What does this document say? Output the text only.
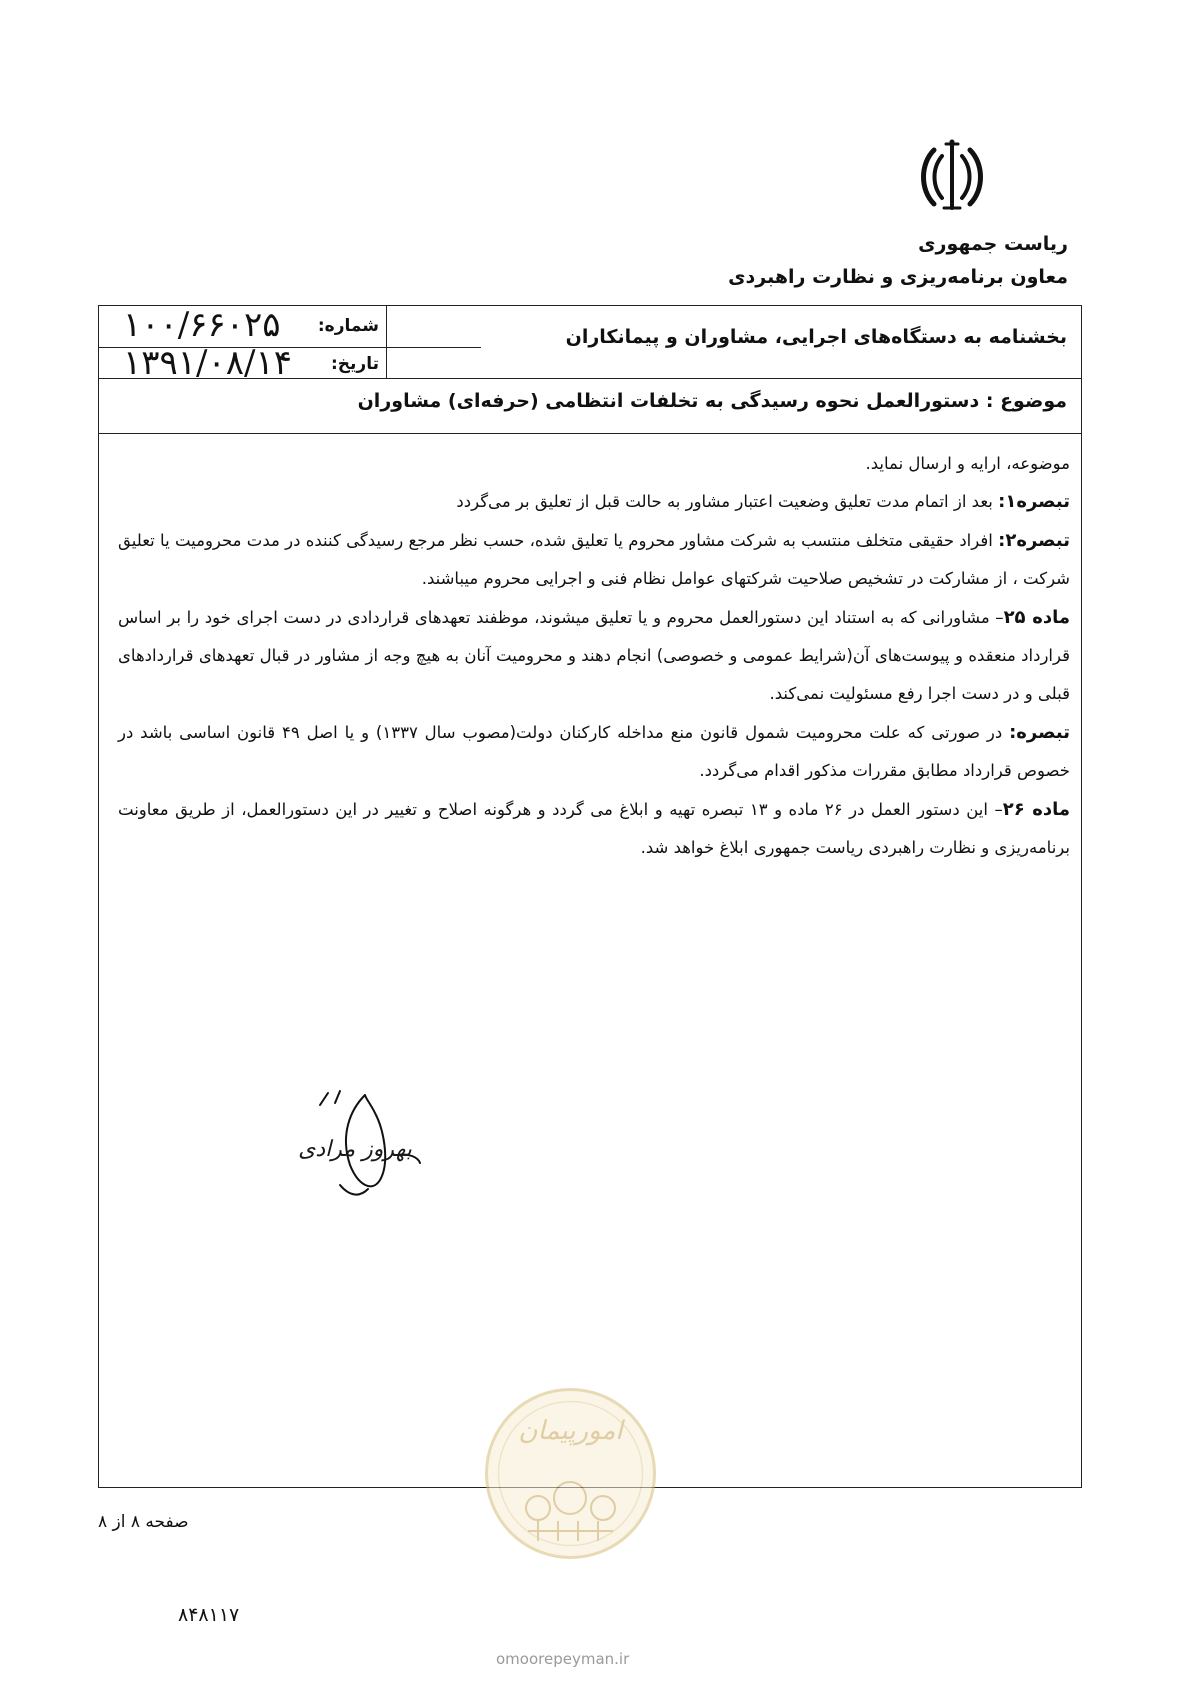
ریاست جمهوری
معاون برنامه‌ریزی و نظارت راهبردی
۱۰۰/۶۶۰۲۵ شماره:
۱۳۹۱/۰۸/۱۴ تاریخ:
بخشنامه به دستگاه‌های اجرایی، مشاوران و پیمانکاران
موضوع : دستورالعمل نحوه رسیدگی به تخلفات انتظامی (حرفه‌ای) مشاوران

موضوعه، ارایه و ارسال نماید.

تبصره۱: بعد از اتمام مدت تعلیق وضعیت اعتبار مشاور به حالت قبل از تعلیق بر می‌گردد

تبصره۲: افراد حقیقی متخلف منتسب به شرکت مشاور محروم یا تعلیق شده، حسب نظر مرجع رسیدگی کننده در مدت محرومیت یا تعلیق شرکت ، از مشارکت در تشخیص صلاحیت شرکتهای عوامل نظام فنی و اجرایی محروم میباشند.

ماده ۲۵– مشاورانی که به استناد این دستورالعمل محروم و یا تعلیق میشوند، موظفند تعهدهای قراردادی در دست اجرای خود را بر اساس قرارداد منعقده و پیوست‌های آن(شرایط عمومی و خصوصی) انجام دهند و محرومیت آنان به هیچ وجه از مشاور در قبال تعهدهای قراردادهای قبلی و در دست اجرا رفع مسئولیت نمی‌کند.

تبصره: در صورتی که علت محرومیت شمول قانون منع مداخله کارکنان دولت(مصوب سال ۱۳۳۷) و یا اصل ۴۹ قانون اساسی باشد در خصوص قرارداد مطابق مقررات مذکور اقدام می‌گردد.

ماده ۲۶– این دستور العمل در ۲۶ ماده و ۱۳ تبصره تهیه و ابلاغ می گردد و هرگونه اصلاح و تغییر در این دستورالعمل، از طریق معاونت برنامه‌ریزی و نظارت راهبردی ریاست جمهوری ابلاغ خواهد شد.

بهروز مرادی
امورپیمان
صفحه ۸ از ۸
۸۴۸۱۱۷
omoorepeyman.ir
